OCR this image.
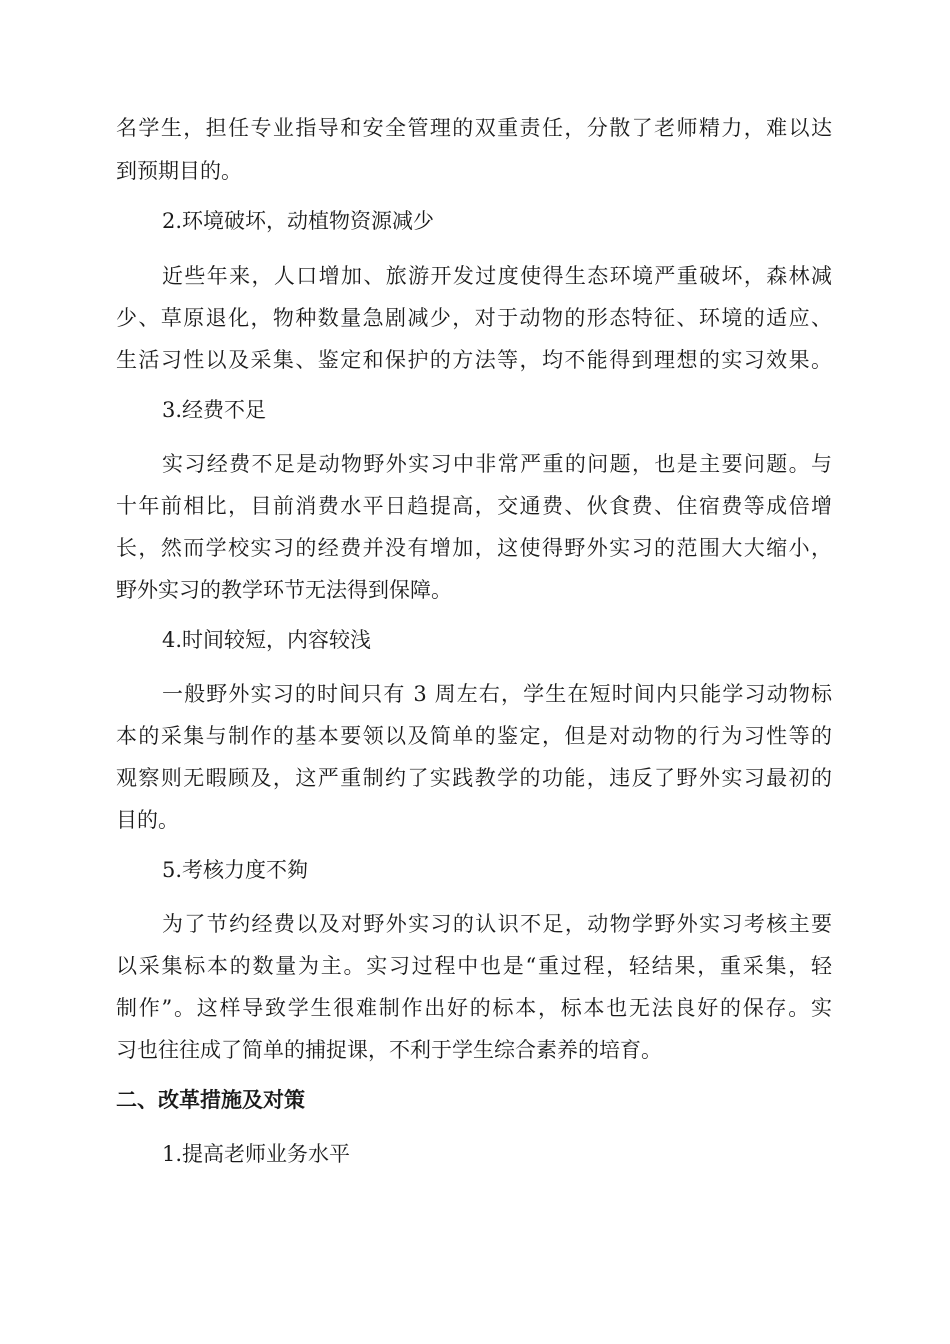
名学生，担任专业指导和安全管理的双重责任，分散了老师精力，难以达

到预期目的。

2.环境破坏，动植物资源减少

近些年来，人口增加、旅游开发过度使得生态环境严重破坏，森林减

少、草原退化，物种数量急剧减少，对于动物的形态特征、环境的适应、

生活习性以及采集、鉴定和保护的方法等，均不能得到理想的实习效果。

3.经费不足

实习经费不足是动物野外实习中非常严重的问题，也是主要问题。与

十年前相比，目前消费水平日趋提高，交通费、伙食费、住宿费等成倍增

长，然而学校实习的经费并没有增加，这使得野外实习的范围大大缩小，

野外实习的教学环节无法得到保障。

4.时间较短，内容较浅

一般野外实习的时间只有 3 周左右，学生在短时间内只能学习动物标

本的采集与制作的基本要领以及简单的鉴定，但是对动物的行为习性等的

观察则无暇顾及，这严重制约了实践教学的功能，违反了野外实习最初的

目的。

5.考核力度不夠

为了节约经费以及对野外实习的认识不足，动物学野外实习考核主要

以采集标本的数量为主。实习过程中也是“重过程，轻结果，重采集，轻

制作”。这样导致学生很难制作出好的标本，标本也无法良好的保存。实

习也往往成了简单的捕捉课，不利于学生综合素养的培育。

二、改革措施及对策

1.提高老师业务水平
